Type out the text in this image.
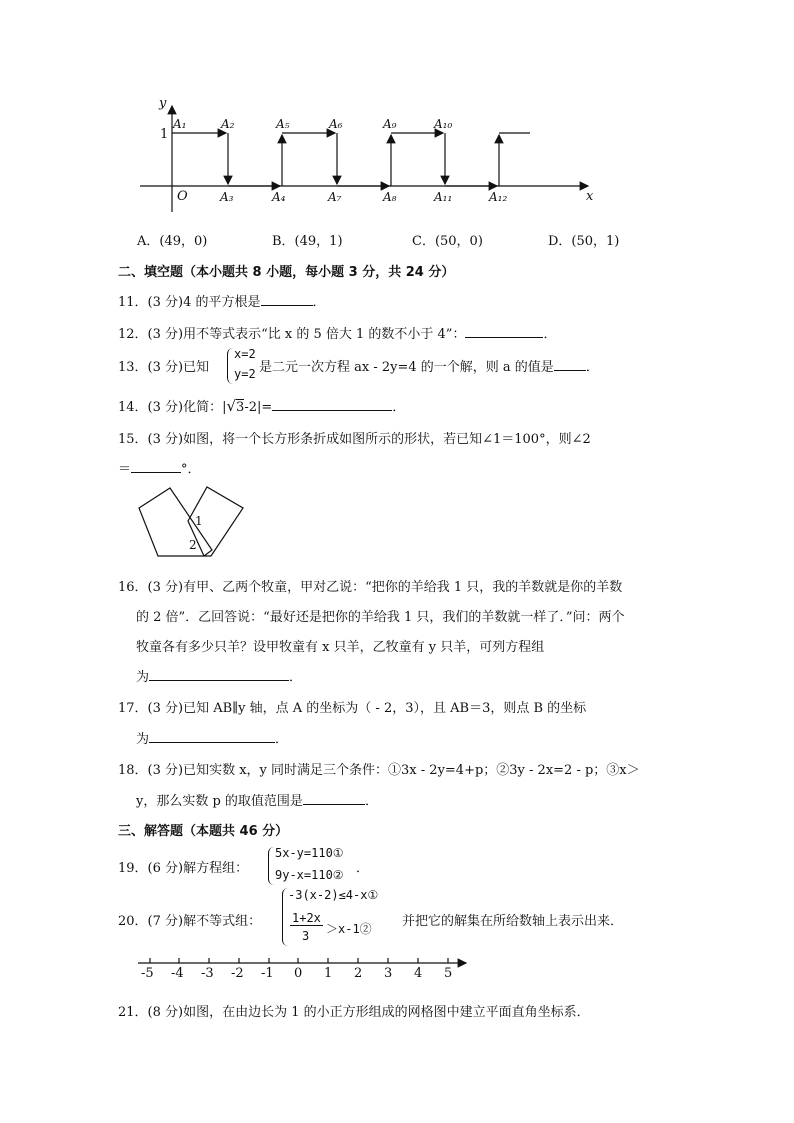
y
x
O
1
A₁	A₂	A₅	A₆	A₉	A₁₀
A₃	A₄	A₇	A₈	A₁₁	A₁₂
A．(49，0)	B．(49，1)	C．(50，0)	D．(50，1)
二、填空题（本小题共 8 小题，每小题 3 分，共 24 分）
11．(3 分)4 的平方根是	．
12．(3 分)用不等式表示“比 x 的 5 倍大 1 的数不小于 4”：	．
13．(3 分)已知
x=2
y=2 是二元一次方程 ax - 2y=4 的一个解，则 a 的值是 ．
14．(3 分)化简：|√3-2|=	．
15．(3 分)如图，将一个长方形条折成如图所示的形状，若已知∠1＝100°，则∠2
＝	°．
1
2
16．(3 分)有甲、乙两个牧童，甲对乙说：“把你的羊给我 1 只，我的羊数就是你的羊数
的 2 倍”．乙回答说：“最好还是把你的羊给我 1 只，我们的羊数就一样了．”问：两个
牧童各有多少只羊？设甲牧童有 x 只羊，乙牧童有 y 只羊，可列方程组
为	．
17．(3 分)已知 AB∥y 轴，点 A 的坐标为（ - 2，3），且 AB＝3，则点 B 的坐标
为	．
18．(3 分)已知实数 x，y 同时满足三个条件：①3x - 2y=4+p；②3y - 2x=2 - p；③x＞
y，那么实数 p 的取值范围是	．
三、解答题（本题共 46 分）
19．(6 分)解方程组：
5x-y=110①
9y-x=110② ．
20．(7 分)解不等式组：
-3(x-2)≤4-x①
1+2x
3 ＞x-1② 并把它的解集在所给数轴上表示出来．
-5 -4 -3 -2 -1 0 1 2 3 4 5
21．(8 分)如图，在由边长为 1 的小正方形组成的网格图中建立平面直角坐标系．
